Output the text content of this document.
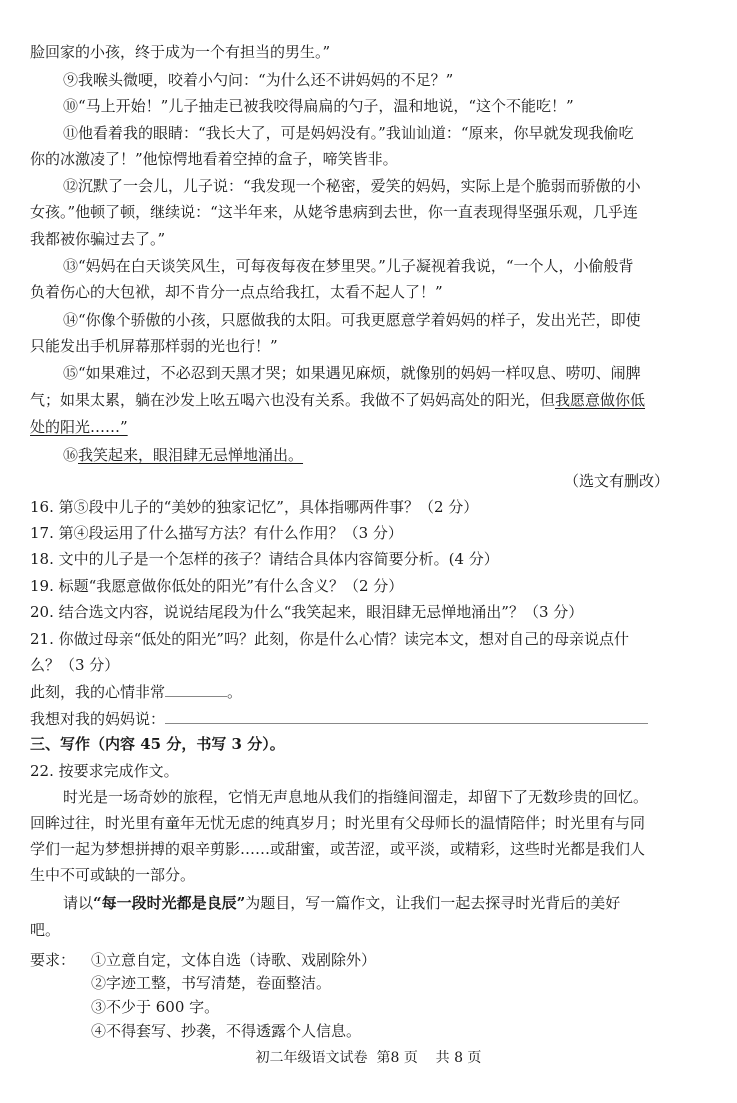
脸回家的小孩，终于成为一个有担当的男生。”
⑨我喉头微哽，咬着小勺问：“为什么还不讲妈妈的不足？”
⑩“马上开始！”儿子抽走已被我咬得扁扁的勺子，温和地说，“这个不能吃！”
⑪他看着我的眼睛：“我长大了，可是妈妈没有。”我讪讪道：“原来，你早就发现我偷吃
你的冰激凌了！”他惊愕地看着空掉的盒子，啼笑皆非。
⑫沉默了一会儿，儿子说：“我发现一个秘密，爱笑的妈妈，实际上是个脆弱而骄傲的小
女孩。”他顿了顿，继续说：“这半年来，从姥爷患病到去世，你一直表现得坚强乐观，几乎连
我都被你骗过去了。”
⑬“妈妈在白天谈笑风生，可每夜每夜在梦里哭。”儿子凝视着我说，“一个人，小偷般背
负着伤心的大包袱，却不肯分一点点给我扛，太看不起人了！”
⑭“你像个骄傲的小孩，只愿做我的太阳。可我更愿意学着妈妈的样子，发出光芒，即使
只能发出手机屏幕那样弱的光也行！”
⑮“如果难过，不必忍到天黑才哭；如果遇见麻烦，就像别的妈妈一样叹息、唠叨、闹脾
气；如果太累，躺在沙发上吆五喝六也没有关系。我做不了妈妈高处的阳光，但我愿意做你低
处的阳光……”
⑯我笑起来，眼泪肆无忌惮地涌出。
（选文有删改）
16. 第⑤段中儿子的“美妙的独家记忆”，具体指哪两件事？（2 分）
17. 第④段运用了什么描写方法？有什么作用？（3 分）
18. 文中的儿子是一个怎样的孩子？请结合具体内容简要分析。(4 分）
19. 标题“我愿意做你低处的阳光”有什么含义？（2 分）
20. 结合选文内容，说说结尾段为什么“我笑起来，眼泪肆无忌惮地涌出”？（3 分）
21. 你做过母亲“低处的阳光”吗？此刻，你是什么心情？读完本文，想对自己的母亲说点什
么？（3 分）
此刻，我的心情非常	。
我想对我的妈妈说：
三、写作（内容 45 分，书写 3 分）。
22. 按要求完成作文。
时光是一场奇妙的旅程，它悄无声息地从我们的指缝间溜走，却留下了无数珍贵的回忆。
回眸过往，时光里有童年无忧无虑的纯真岁月；时光里有父母师长的温情陪伴；时光里有与同
学们一起为梦想拼搏的艰辛剪影……或甜蜜，或苦涩，或平淡，或精彩，这些时光都是我们人
生中不可或缺的一部分。
请以“每一段时光都是良辰”为题目，写一篇作文，让我们一起去探寻时光背后的美好
吧。
要求： ①立意自定，文体自选（诗歌、戏剧除外）
②字迹工整，书写清楚，卷面整洁。
③不少于 600 字。
④不得套写、抄袭，不得透露个人信息。
初二年级语文试卷  第8 页    共 8 页
